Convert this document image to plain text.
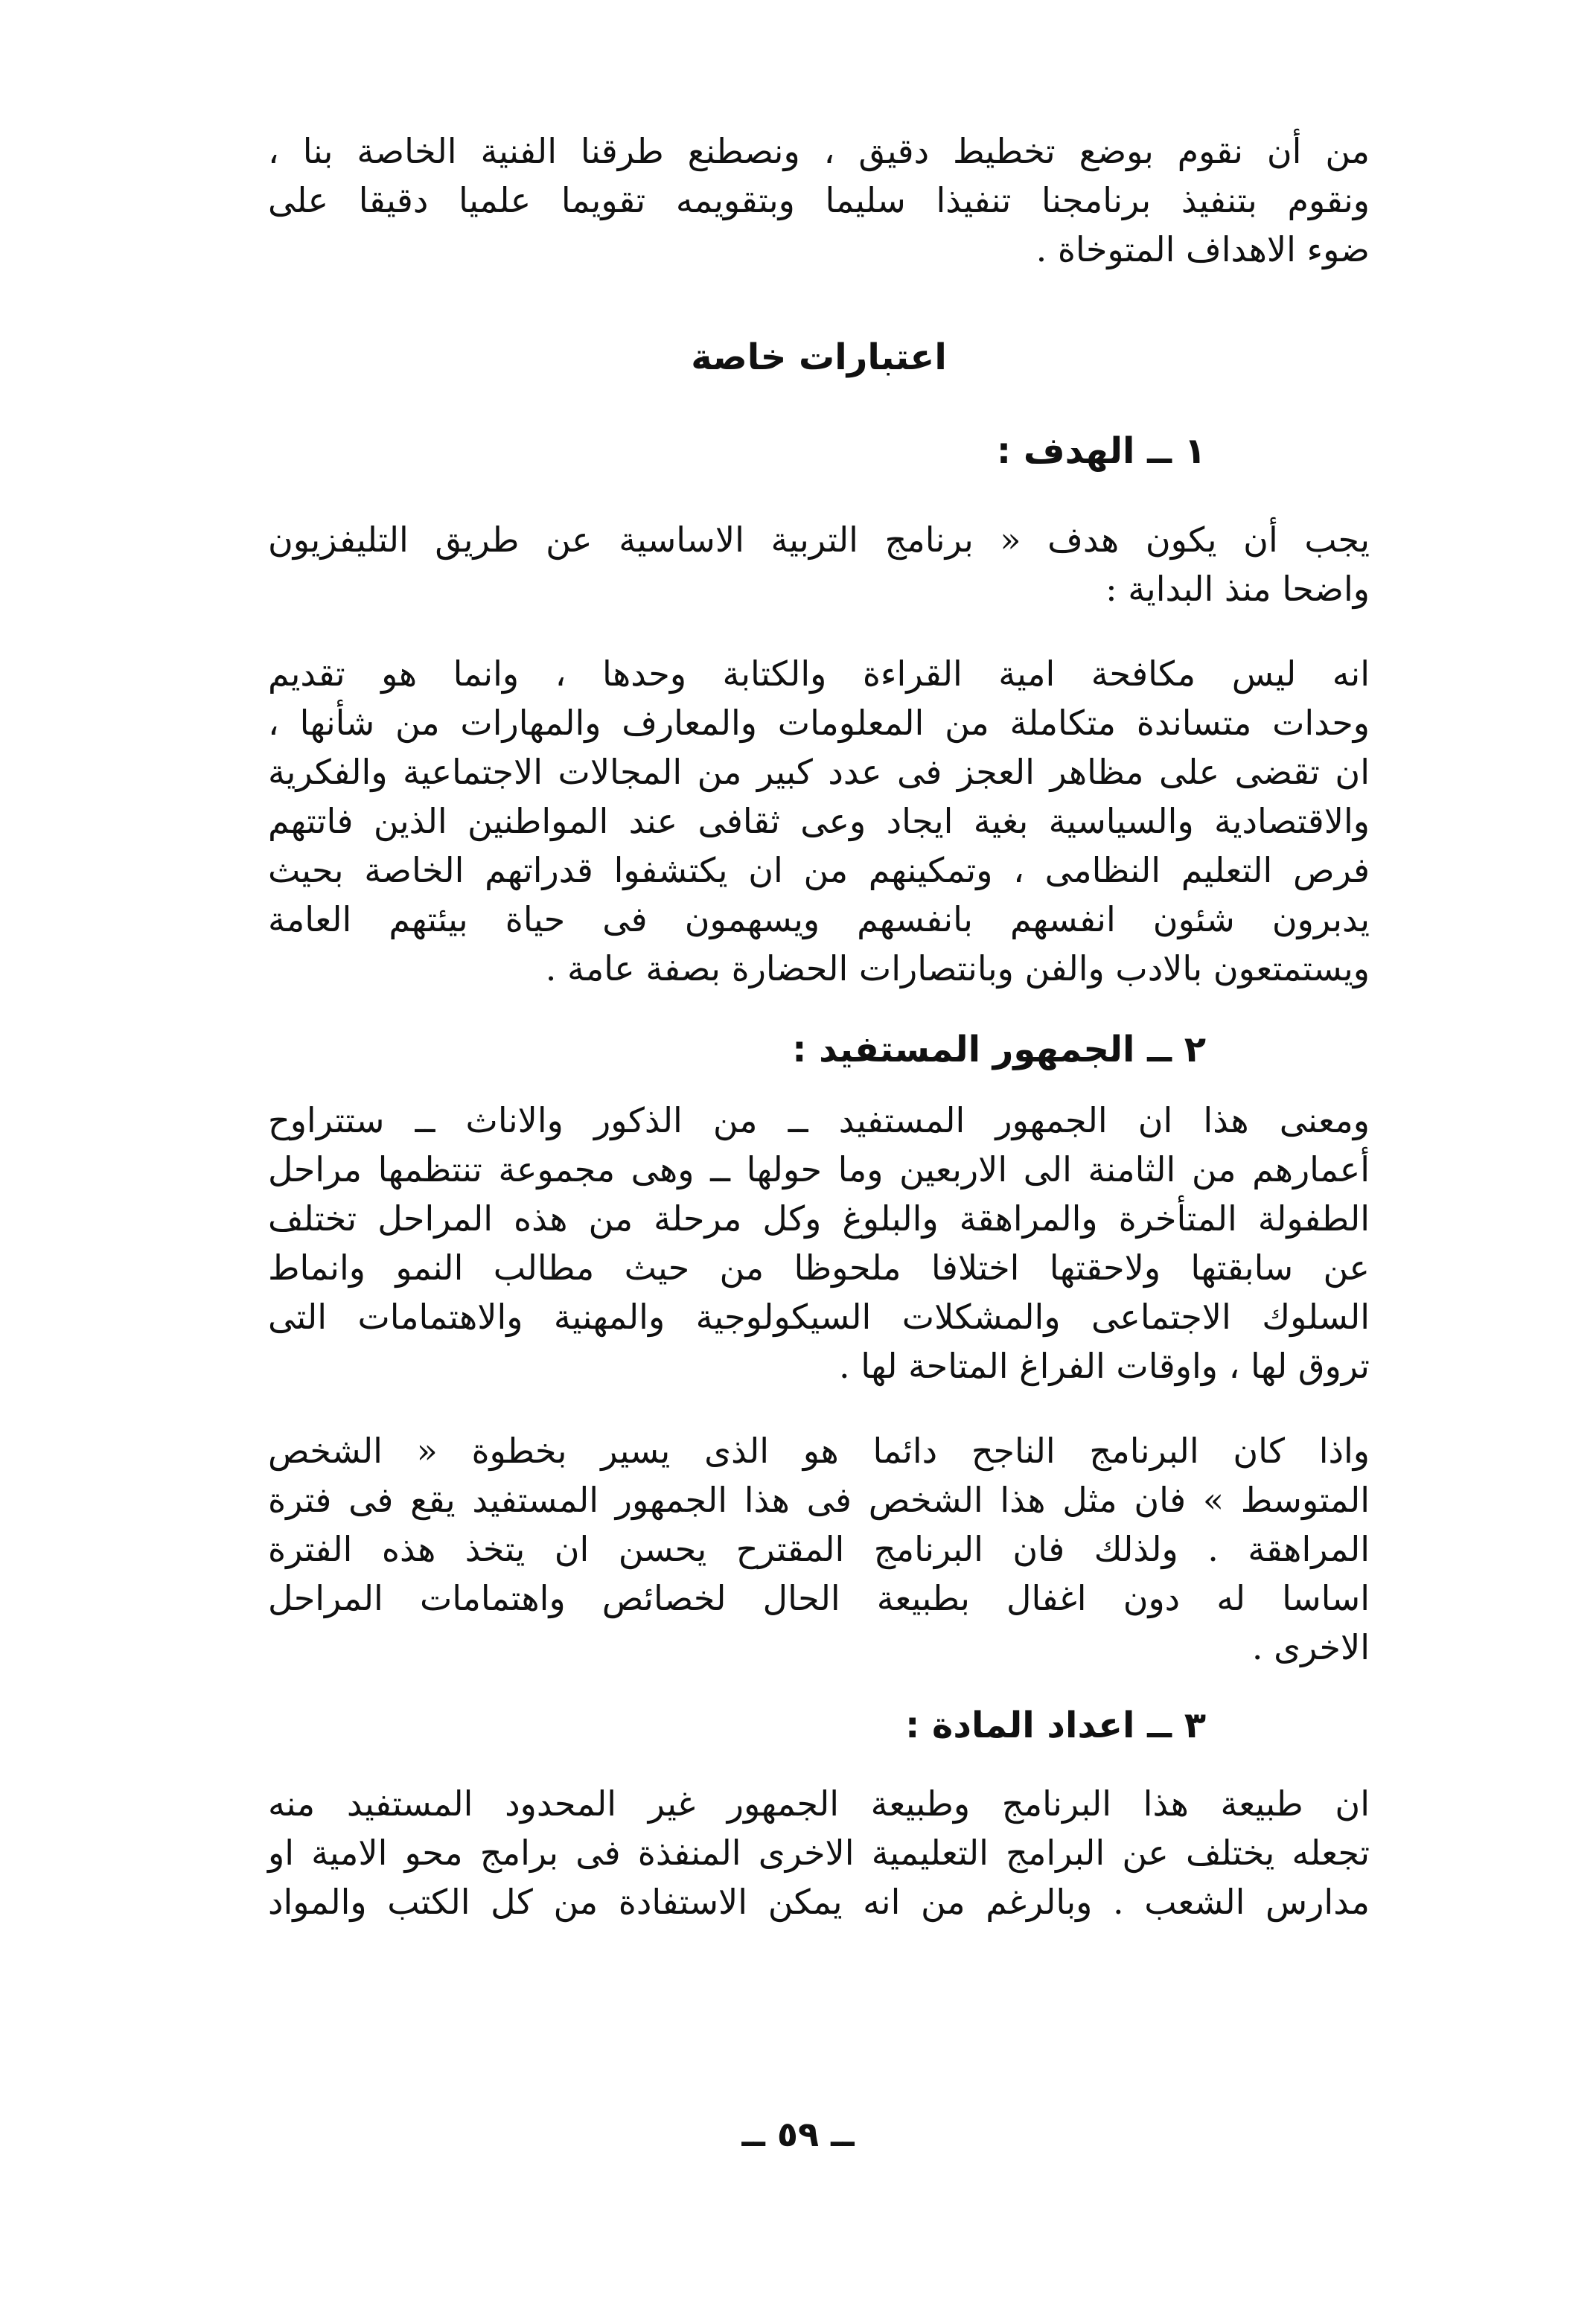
من أن نقوم بوضع تخطيط دقيق ، ونصطنع طرقنا الفنية الخاصة بنا ،

ونقوم بتنفيذ برنامجنا تنفيذا سليما وبتقويمه تقويما علميا دقيقا على

ضوء الاهداف المتوخاة .

اعتبارات خاصة
١ ــ الهدف :

يجب أن يكون هدف « برنامج التربية الاساسية عن طريق التليفزيون

واضحا منذ البداية :

انه ليس مكافحة امية القراءة والكتابة وحدها ، وانما هو تقديم

وحدات متساندة متكاملة من المعلومات والمعارف والمهارات من شأنها ،

ان تقضى على مظاهر العجز فى عدد كبير من المجالات الاجتماعية والفكرية

والاقتصادية والسياسية بغية ايجاد وعى ثقافى عند المواطنين الذين فاتتهم

فرص التعليم النظامى ، وتمكينهم من ان يكتشفوا قدراتهم الخاصة بحيث

يدبرون شئون انفسهم بانفسهم ويسهمون فى حياة بيئتهم العامة

ويستمتعون بالادب والفن وبانتصارات الحضارة بصفة عامة .

٢ ــ الجمهور المستفيد :

ومعنى هذا ان الجمهور المستفيد ــ من الذكور والاناث ــ ستتراوح

أعمارهم من الثامنة الى الاربعين وما حولها ــ وهى مجموعة تنتظمها مراحل

الطفولة المتأخرة والمراهقة والبلوغ وكل مرحلة من هذه المراحل تختلف

عن سابقتها ولاحقتها اختلافا ملحوظا من حيث مطالب النمو وانماط

السلوك الاجتماعى والمشكلات السيكولوجية والمهنية والاهتمامات التى

تروق لها ، واوقات الفراغ المتاحة لها .

واذا كان البرنامج الناجح دائما هو الذى يسير بخطوة « الشخص

المتوسط » فان مثل هذا الشخص فى هذا الجمهور المستفيد يقع فى فترة

المراهقة . ولذلك فان البرنامج المقترح يحسن ان يتخذ هذه الفترة

اساسا له دون اغفال بطبيعة الحال لخصائص واهتمامات المراحل

الاخرى .

٣ ــ اعداد المادة :

ان طبيعة هذا البرنامج وطبيعة الجمهور غير المحدود المستفيد منه

تجعله يختلف عن البرامج التعليمية الاخرى المنفذة فى برامج محو الامية او

مدارس الشعب . وبالرغم من انه يمكن الاستفادة من كل الكتب والمواد

ــ ٥٩ ــ
